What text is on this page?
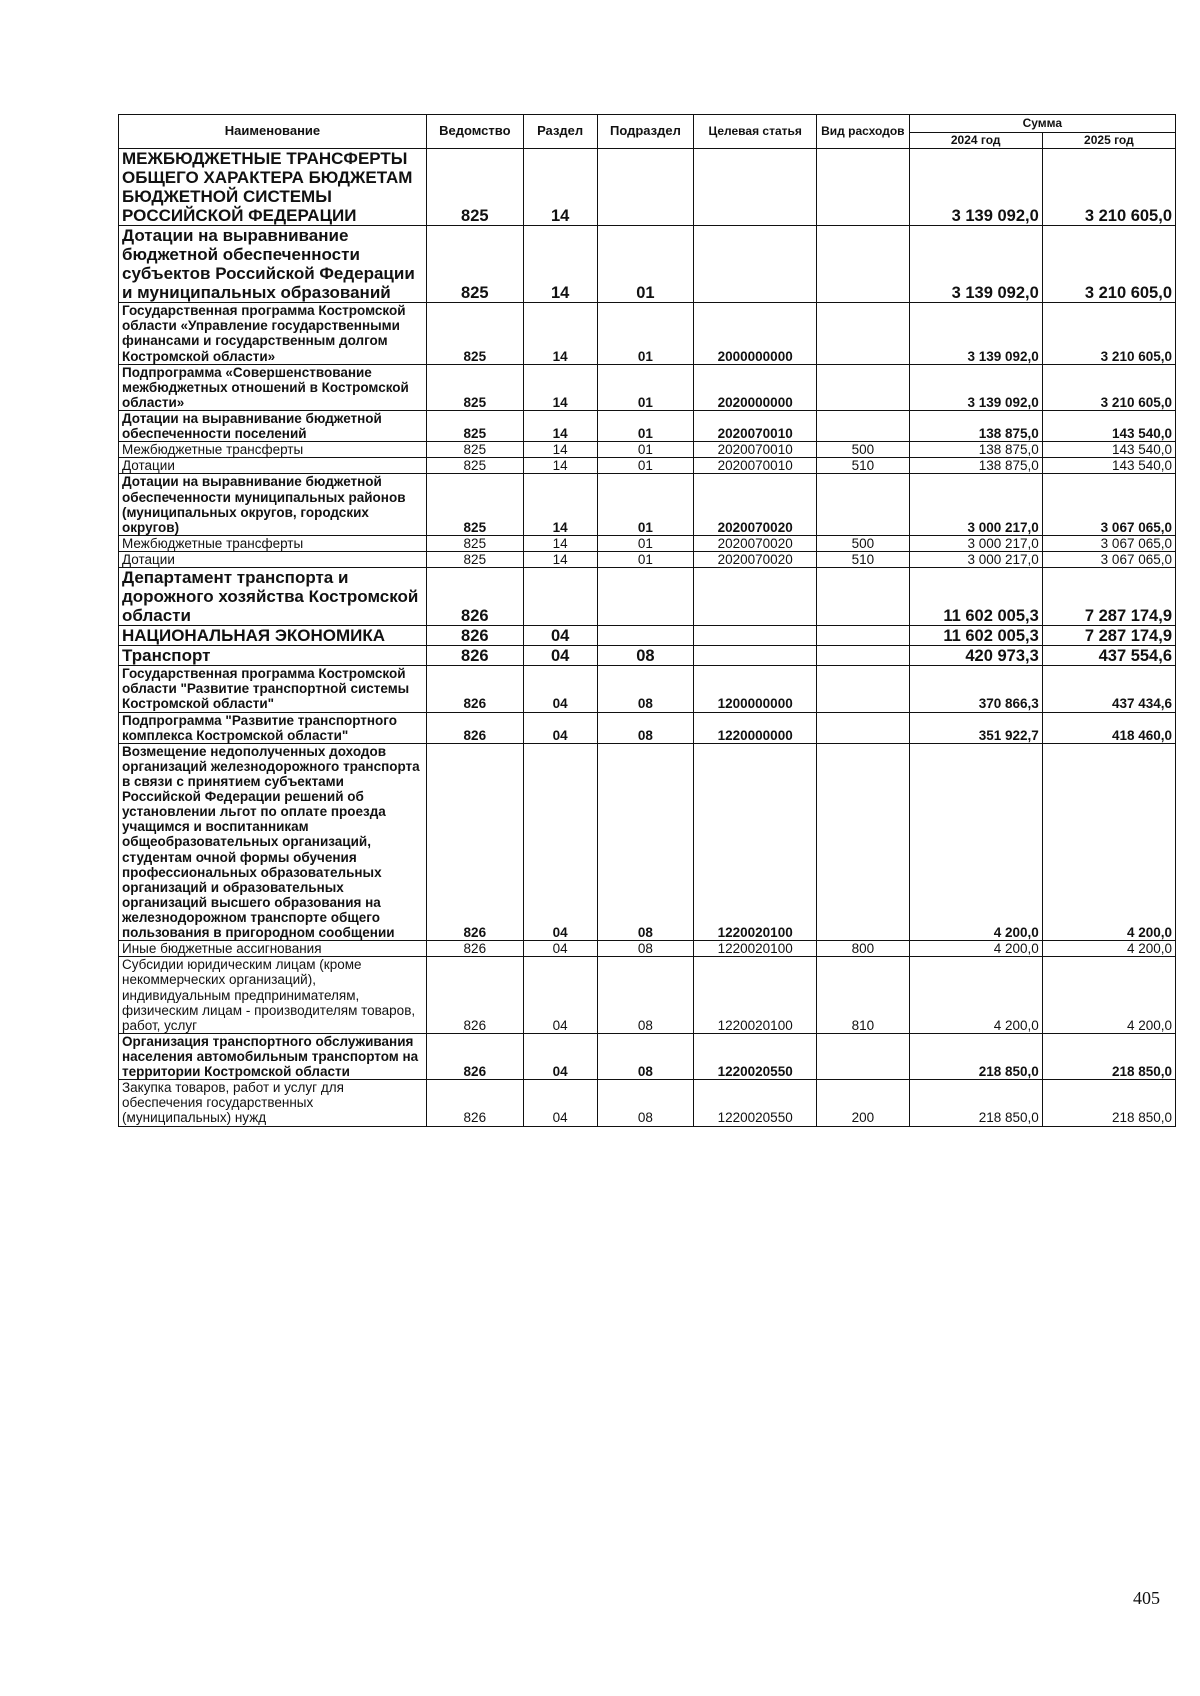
Наименование	Ведомство	Раздел	Подраздел	Целевая статья	Вид расходов	Сумма	
						2024 год	2025 год
МЕЖБЮДЖЕТНЫЕ ТРАНСФЕРТЫ ОБЩЕГО ХАРАКТЕРА БЮДЖЕТАМ БЮДЖЕТНОЙ СИСТЕМЫ РОССИЙСКОЙ ФЕДЕРАЦИИ	825	14				3 139 092,0	3 210 605,0
Дотации на выравнивание бюджетной обеспеченности субъектов Российской Федерации и муниципальных образований	825	14	01			3 139 092,0	3 210 605,0
Государственная программа Костромской области «Управление государственными финансами и государственным долгом Костромской области»	825	14	01	2000000000		3 139 092,0	3 210 605,0
Подпрограмма «Совершенствование межбюджетных отношений в Костромской области»	825	14	01	2020000000		3 139 092,0	3 210 605,0
Дотации на выравнивание бюджетной обеспеченности поселений	825	14	01	2020070010		138 875,0	143 540,0
Межбюджетные трансферты	825	14	01	2020070010	500	138 875,0	143 540,0
Дотации	825	14	01	2020070010	510	138 875,0	143 540,0
Дотации на выравнивание бюджетной обеспеченности муниципальных районов (муниципальных округов, городских округов)	825	14	01	2020070020		3 000 217,0	3 067 065,0
Межбюджетные трансферты	825	14	01	2020070020	500	3 000 217,0	3 067 065,0
Дотации	825	14	01	2020070020	510	3 000 217,0	3 067 065,0
Департамент транспорта и дорожного хозяйства Костромской области	826					11 602 005,3	7 287 174,9
НАЦИОНАЛЬНАЯ ЭКОНОМИКА	826	04				11 602 005,3	7 287 174,9
Транспорт	826	04	08			420 973,3	437 554,6
Государственная программа Костромской области "Развитие транспортной системы Костромской области"	826	04	08	1200000000		370 866,3	437 434,6
Подпрограмма "Развитие транспортного комплекса Костромской области"	826	04	08	1220000000		351 922,7	418 460,0
Возмещение недополученных доходов организаций железнодорожного транспорта в связи с принятием субъектами Российской Федерации решений об установлении льгот по оплате проезда учащимся и воспитанникам общеобразовательных организаций, студентам очной формы обучения профессиональных образовательных организаций и образовательных организаций высшего образования на железнодорожном транспорте общего пользования в пригородном сообщении	826	04	08	1220020100		4 200,0	4 200,0
Иные бюджетные ассигнования	826	04	08	1220020100	800	4 200,0	4 200,0
Субсидии юридическим лицам (кроме некоммерческих организаций), индивидуальным предпринимателям, физическим лицам - производителям товаров, работ, услуг	826	04	08	1220020100	810	4 200,0	4 200,0
Организация транспортного обслуживания населения автомобильным транспортом на территории Костромской области	826	04	08	1220020550		218 850,0	218 850,0
Закупка товаров, работ и услуг для обеспечения государственных (муниципальных) нужд	826	04	08	1220020550	200	218 850,0	218 850,0
405
